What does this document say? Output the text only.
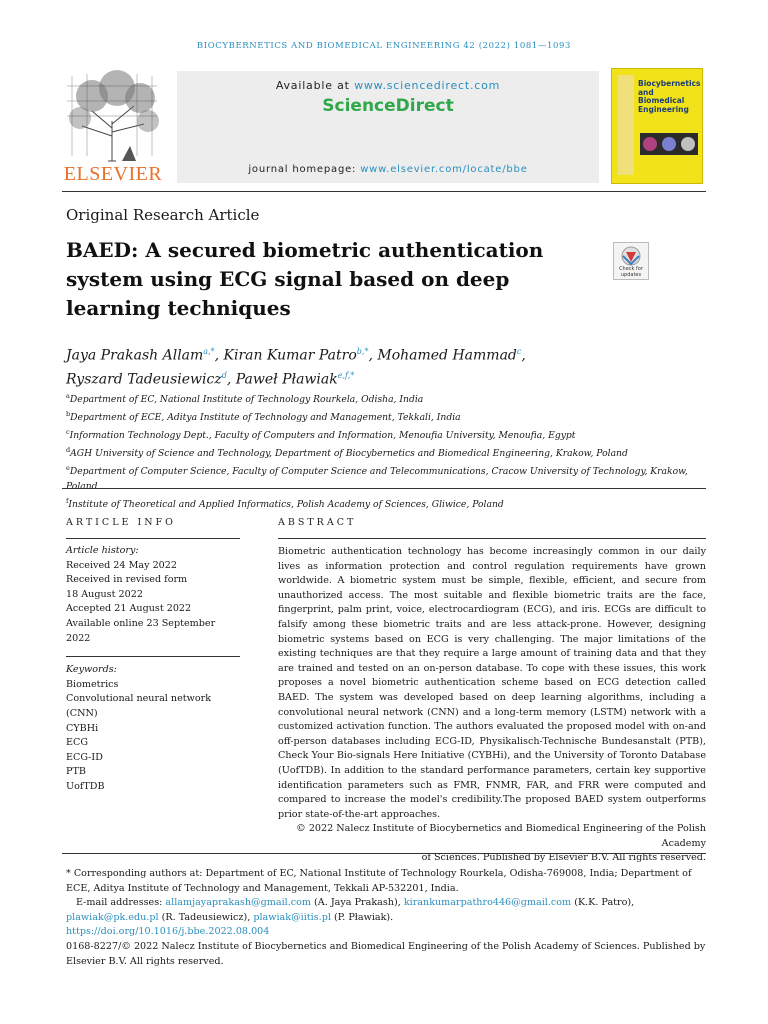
BIOCYBERNETICS AND BIOMEDICAL ENGINEERING 42 (2022) 1081—1093
ELSEVIER
Available at www.sciencedirect.com
ScienceDirect
journal homepage: www.elsevier.com/locate/bbe
Biocybernetics and Biomedical Engineering
Original Research Article
BAED: A secured biometric authentication system using ECG signal based on deep learning techniques
Check for updates
Jaya Prakash Allam$^{a,*}$, Kiran Kumar Patro$^{b,*}$, Mohamed Hammad$^c$,
Ryszard Tadeusiewicz$^d$, Paweł Pławiak$^{e,f,*}$
$^a$Department of EC, National Institute of Technology Rourkela, Odisha, India
$^b$Department of ECE, Aditya Institute of Technology and Management, Tekkali, India
$^c$Information Technology Dept., Faculty of Computers and Information, Menoufia University, Menoufia, Egypt
$^d$AGH University of Science and Technology, Department of Biocybernetics and Biomedical Engineering, Krakow, Poland
$^e$Department of Computer Science, Faculty of Computer Science and Telecommunications, Cracow University of Technology, Krakow, Poland
$^f$Institute of Theoretical and Applied Informatics, Polish Academy of Sciences, Gliwice, Poland
ARTICLE INFO	ABSTRACT
Article history:
Received 24 May 2022
Received in revised form
18 August 2022
Accepted 21 August 2022
Available online 23 September 2022
Keywords:
Biometrics
Convolutional neural network (CNN)
CYBHi
ECG
ECG-ID
PTB
UofTDB
Biometric authentication technology has become increasingly common in our daily lives as information protection and control regulation requirements have grown worldwide. A biometric system must be simple, flexible, efficient, and secure from unauthorized access. The most suitable and flexible biometric traits are the face, fingerprint, palm print, voice, electrocardiogram (ECG), and iris. ECGs are difficult to falsify among these biometric traits and are less attack-prone. However, designing biometric systems based on ECG is very challenging. The major limitations of the existing techniques are that they require a large amount of training data and that they are trained and tested on an on-person database. To cope with these issues, this work proposes a novel biometric authentication scheme based on ECG detection called BAED. The system was developed based on deep learning algorithms, including a convolutional neural network (CNN) and a long-term memory (LSTM) network with a customized activation function. The authors evaluated the proposed model with on-and off-person databases including ECG-ID, Physikalisch-Technische Bundesanstalt (PTB), Check Your Bio-signals Here Initiative (CYBHi), and the University of Toronto Database (UofTDB). In addition to the standard performance parameters, certain key supportive identification parameters such as FMR, FNMR, FAR, and FRR were computed and compared to increase the model's credibility.The proposed BAED system outperforms prior state-of-the-art approaches.
© 2022 Nalecz Institute of Biocybernetics and Biomedical Engineering of the Polish Academy
of Sciences. Published by Elsevier B.V. All rights reserved.
* Corresponding authors at: Department of EC, National Institute of Technology Rourkela, Odisha-769008, India; Department of ECE, Aditya Institute of Technology and Management, Tekkali AP-532201, India.
E-mail addresses: allamjayaprakash@gmail.com (A. Jaya Prakash), kirankumarpathro446@gmail.com (K.K. Patro), plawiak@pk.edu.pl (R. Tadeusiewicz), plawiak@iitis.pl (P. Pławiak).
https://doi.org/10.1016/j.bbe.2022.08.004
0168-8227/© 2022 Nalecz Institute of Biocybernetics and Biomedical Engineering of the Polish Academy of Sciences. Published by Elsevier B.V. All rights reserved.
